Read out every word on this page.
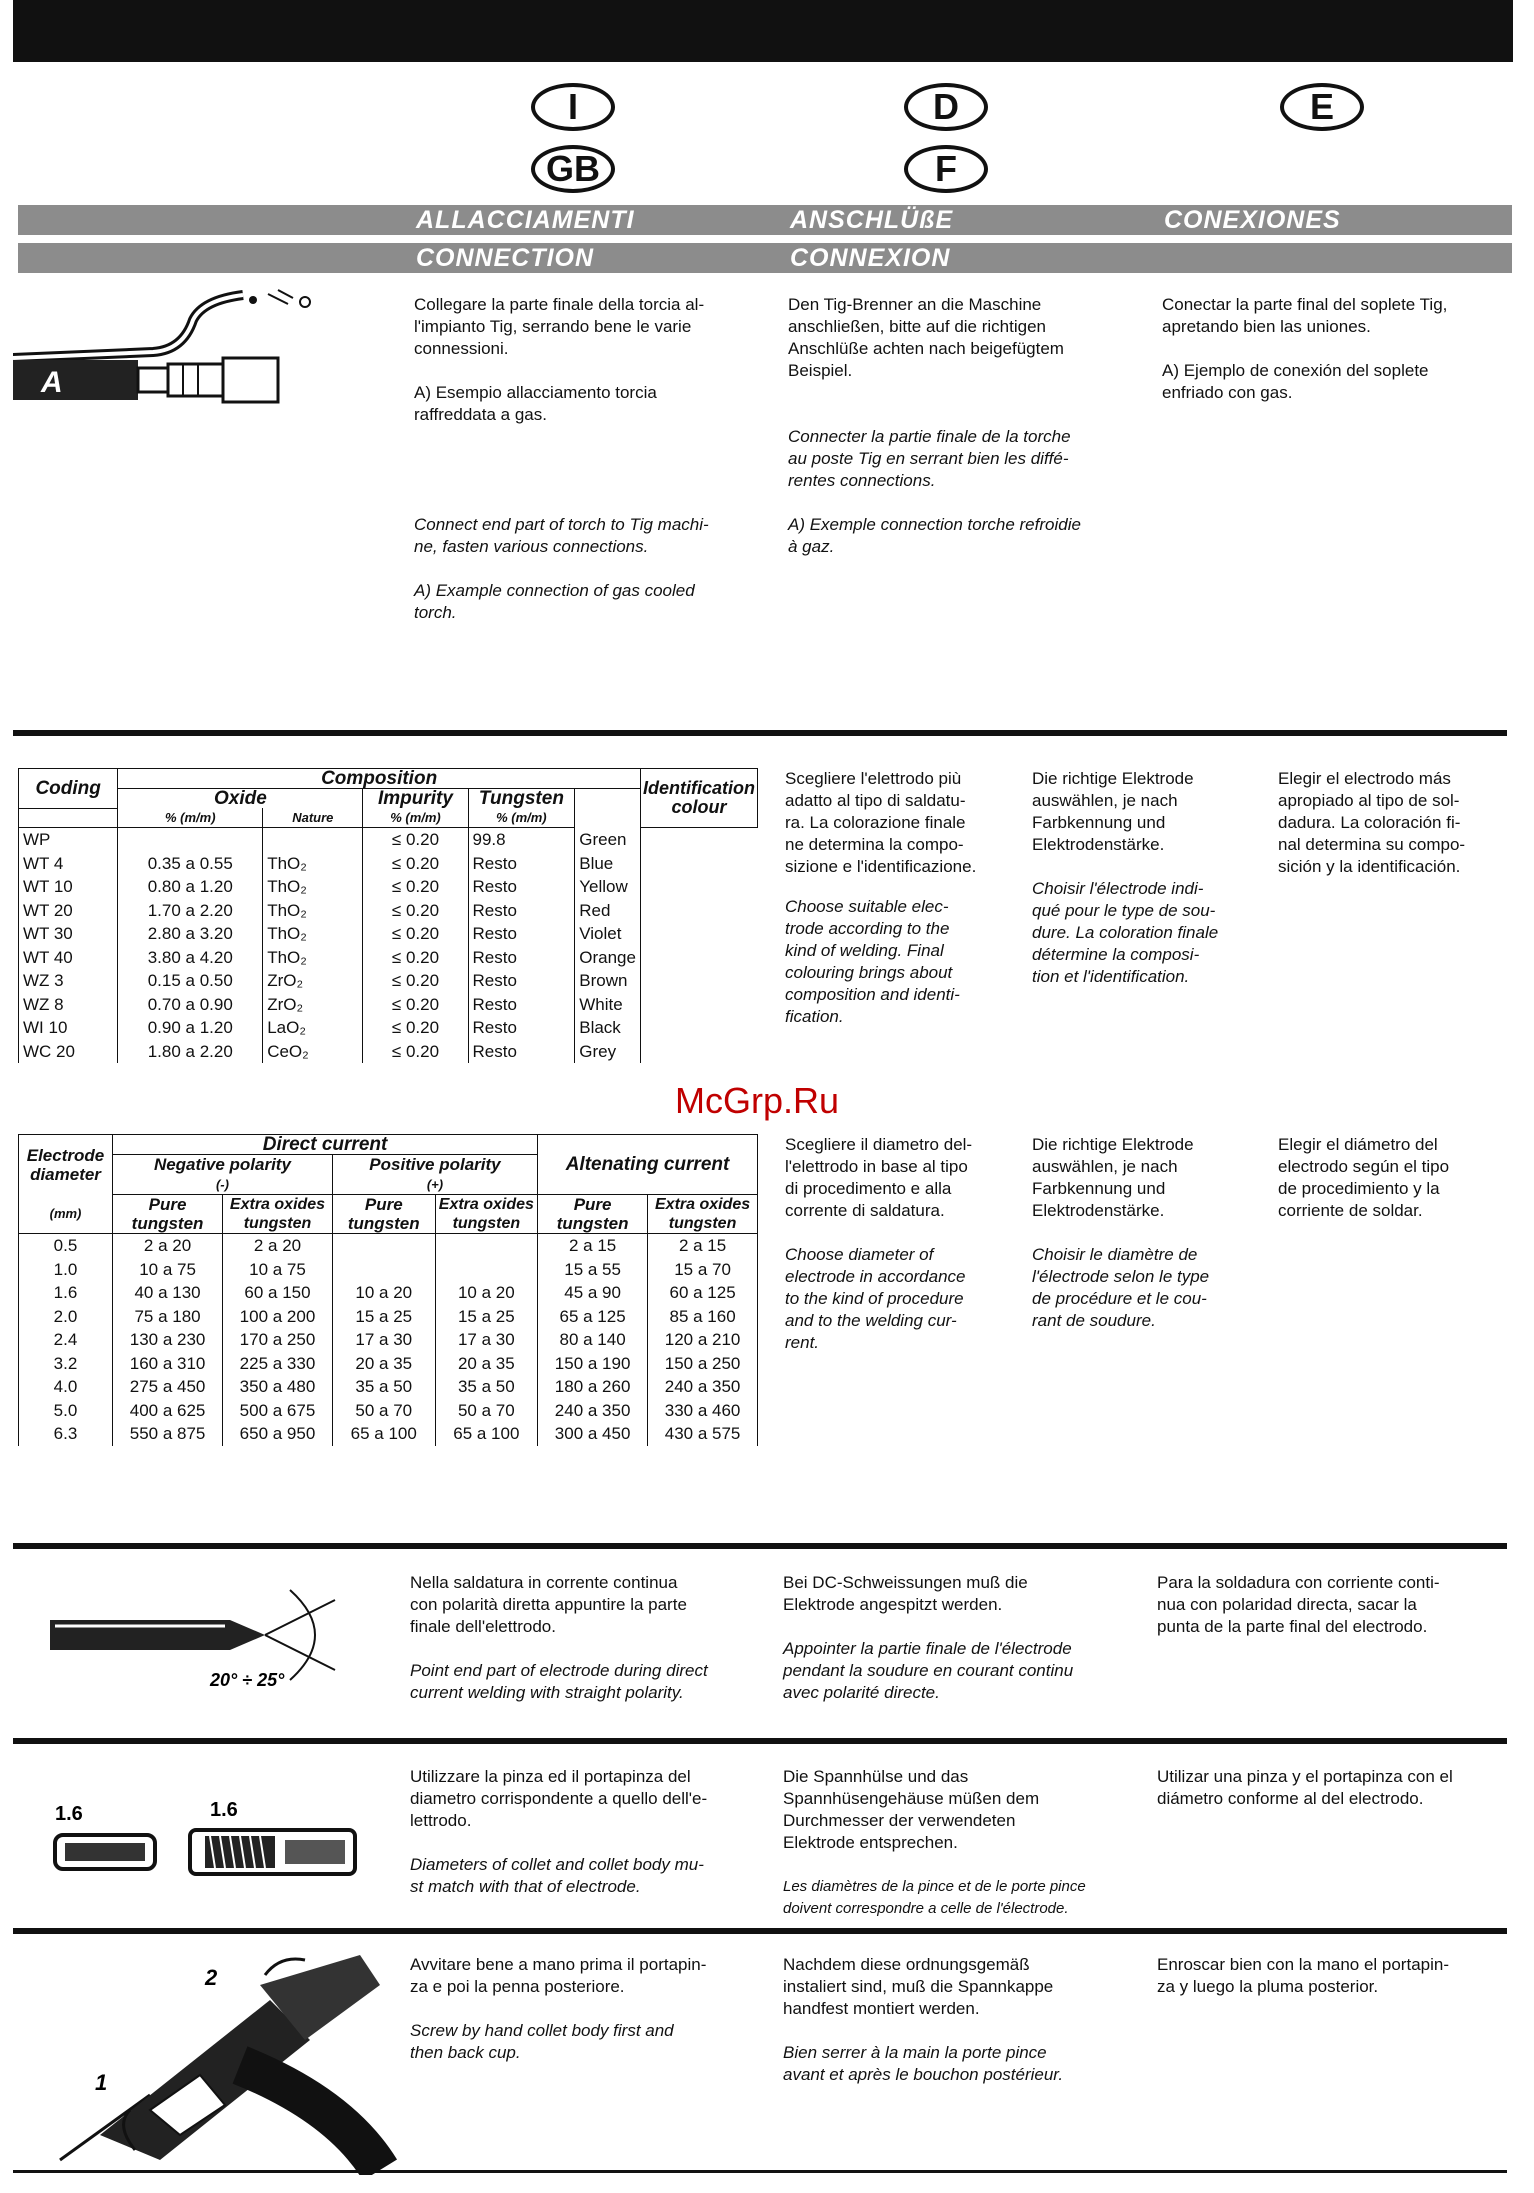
I
GB
D
F
E
ALLACCIAMENTI	ANSCHLÜßE	CONEXIONES
CONNECTION	CONNEXION
A
Collegare la parte finale della torcia al-
l'impianto Tig, serrando bene le varie
connessioni.
A) Esempio allacciamento torcia
raffreddata a gas.
Connect end part of torch to Tig machi-
ne, fasten various connections.
A) Example connection of gas cooled
torch.
Den Tig-Brenner an die Maschine
anschließen, bitte auf die richtigen
Anschlüße achten nach beigefügtem
Beispiel.
Connecter la partie finale de la torche
au poste Tig en serrant bien les diffé-
rentes connections.
A) Exemple connection torche refroidie
à gaz.
Conectar la parte final del soplete Tig,
apretando bien las uniones.
A) Ejemplo de conexión del soplete
enfriado con gas.
Coding	Composition					Identification colour
	Oxide		Impurity	Tungsten		
	% (m/m)	Nature	% (m/m)	% (m/m)		
WP			≤ 0.20	99.8	Green	
WT 4	0.35 a 0.55	ThO₂	≤ 0.20	Resto	Blue	
WT 10	0.80 a 1.20	ThO₂	≤ 0.20	Resto	Yellow	
WT 20	1.70 a 2.20	ThO₂	≤ 0.20	Resto	Red	
WT 30	2.80 a 3.20	ThO₂	≤ 0.20	Resto	Violet	
WT 40	3.80 a 4.20	ThO₂	≤ 0.20	Resto	Orange	
WZ 3	0.15 a 0.50	ZrO₂	≤ 0.20	Resto	Brown	
WZ 8	0.70 a 0.90	ZrO₂	≤ 0.20	Resto	White	
WI 10	0.90 a 1.20	LaO₂	≤ 0.20	Resto	Black	
WC 20	1.80 a 2.20	CeO₂	≤ 0.20	Resto	Grey	
Scegliere l'elettrodo più
adatto al tipo di saldatu-
ra. La colorazione finale
ne determina la compo-
sizione e l'identificazione.
Choose suitable elec-
trode according to the
kind of welding. Final
colouring brings about
composition and identi-
fication.
Die richtige Elektrode
auswählen, je nach
Farbkennung und
Elektrodenstärke.
Choisir l'électrode indi-
qué pour le type de sou-
dure. La coloration finale
détermine la composi-
tion et l'identification.
Elegir el electrodo más
apropiado al tipo de sol-
dadura. La coloración fi-
nal determina su compo-
sición y la identificación.
McGrp.Ru
Electrode diameter

(mm)	Direct current				Altenating current	
	Negative polarity
(-)		Positive polarity
(+)			
	Pure tungsten	Extra oxides tungsten	Pure tungsten	Extra oxides tungsten	Pure tungsten	Extra oxides tungsten
0.5	2 a 20	2 a 20			2 a 15	2 a 15
1.0	10 a 75	10 a 75			15 a 55	15 a 70
1.6	40 a 130	60 a 150	10 a 20	10 a 20	45 a 90	60 a 125
2.0	75 a 180	100 a 200	15 a 25	15 a 25	65 a 125	85 a 160
2.4	130 a 230	170 a 250	17 a 30	17 a 30	80 a 140	120 a 210
3.2	160 a 310	225 a 330	20 a 35	20 a 35	150 a 190	150 a 250
4.0	275 a 450	350 a 480	35 a 50	35 a 50	180 a 260	240 a 350
5.0	400 a 625	500 a 675	50 a 70	50 a 70	240 a 350	330 a 460
6.3	550 a 875	650 a 950	65 a 100	65 a 100	300 a 450	430 a 575
Scegliere il diametro del-
l'elettrodo in base al tipo
di procedimento e alla
corrente di saldatura.
Choose diameter of
electrode in accordance
to the kind of procedure
and to the welding cur-
rent.
Die richtige Elektrode
auswählen, je nach
Farbkennung und
Elektrodenstärke.
Choisir le diamètre de
l'électrode selon le type
de procédure et le cou-
rant de soudure.
Elegir el diámetro del
electrodo según el tipo
de procedimiento y la
corriente de soldar.
20° ÷ 25°
Nella saldatura in corrente continua
con polarità diretta appuntire la parte
finale dell'elettrodo.
Point end part of electrode during direct
current welding with straight polarity.
Bei DC-Schweissungen muß die
Elektrode angespitzt werden.
Appointer la partie finale de l'électrode
pendant la soudure en courant continu
avec polarité directe.
Para la soldadura con corriente conti-
nua con polaridad directa, sacar la
punta de la parte final del electrodo.
1.6	1.6
Utilizzare la pinza ed il portapinza del
diametro corrispondente a quello dell'e-
lettrodo.
Diameters of collet and collet body mu-
st match with that of electrode.
Die Spannhülse und das
Spannhüsengehäuse müßen dem
Durchmesser der verwendeten
Elektrode entsprechen.
Les diamètres de la pince et de le porte pince
doivent correspondre a celle de l'électrode.
Utilizar una pinza y el portapinza con el
diámetro conforme al del electrodo.
1
2
Avvitare bene a mano prima il portapin-
za e poi la penna posteriore.
Screw by hand collet body first and
then back cup.
Nachdem diese ordnungsgemäß
instaliert sind, muß die Spannkappe
handfest montiert werden.
Bien serrer à la main la porte pince
avant et après le bouchon postérieur.
Enroscar bien con la mano el portapin-
za y luego la pluma posterior.
